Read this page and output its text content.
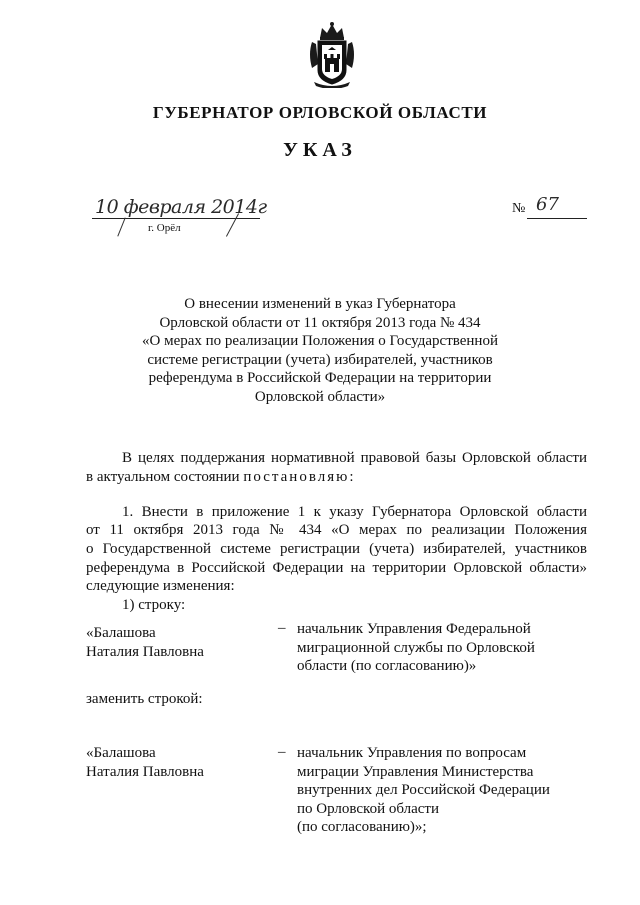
ГУБЕРНАТОР ОРЛОВСКОЙ ОБЛАСТИ
УКАЗ
10 февраля 2014г
г. Орёл
№ 67
О внесении изменений в указ Губернатора
Орловской области от 11 октября 2013 года № 434
«О мерах по реализации Положения о Государственной
системе регистрации (учета) избирателей, участников
референдума в Российской Федерации на территории
Орловской области»
В целях поддержания нормативной правовой базы Орловской области
в актуальном состоянии постановляю:
1. Внести в приложение 1 к указу Губернатора Орловской области
от 11 октября 2013 года № 434 «О мерах по реализации Положения
о Государственной системе регистрации (учета) избирателей, участников
референдума в Российской Федерации на территории Орловской области»
следующие изменения:
1) строку:
«Балашова
Наталия Павловна
– начальник Управления Федеральной
миграционной службы по Орловской
области (по согласованию)»
заменить строкой:
«Балашова
Наталия Павловна
– начальник Управления по вопросам
миграции Управления Министерства
внутренних дел Российской Федерации
по Орловской области
(по согласованию)»;
